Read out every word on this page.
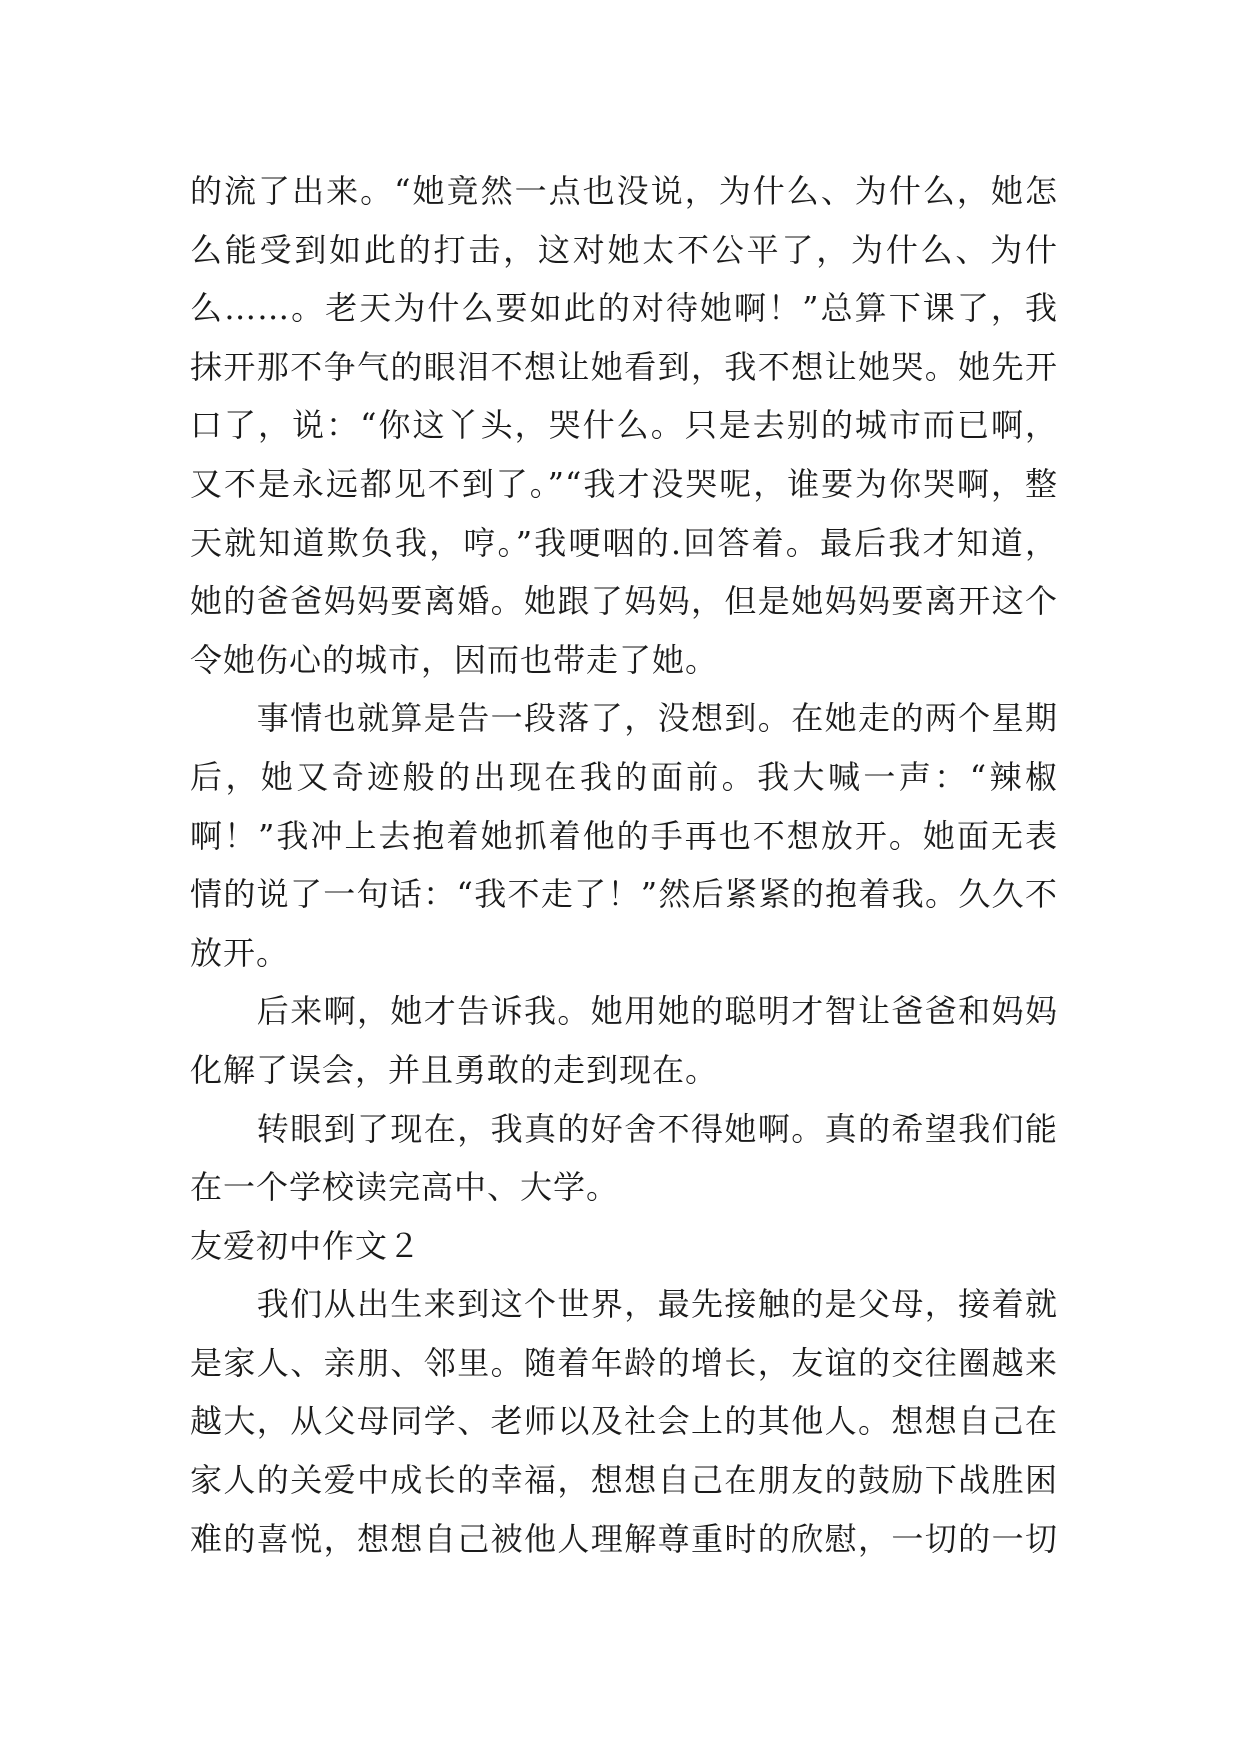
的流了出来。“她竟然一点也没说，为什么、为什么，她怎
么能受到如此的打击，这对她太不公平了，为什么、为什
么……。老天为什么要如此的对待她啊！”总算下课了，我
抹开那不争气的眼泪不想让她看到，我不想让她哭。她先开
口了，说：“你这丫头，哭什么。只是去别的城市而已啊，
又不是永远都见不到了。”“我才没哭呢，谁要为你哭啊，整
天就知道欺负我，哼。”我哽咽的.回答着。最后我才知道，
她的爸爸妈妈要离婚。她跟了妈妈，但是她妈妈要离开这个
令她伤心的城市，因而也带走了她。
　　事情也就算是告一段落了，没想到。在她走的两个星期
后，她又奇迹般的出现在我的面前。我大喊一声：“辣椒
啊！”我冲上去抱着她抓着他的手再也不想放开。她面无表
情的说了一句话：“我不走了！”然后紧紧的抱着我。久久不
放开。
　　后来啊，她才告诉我。她用她的聪明才智让爸爸和妈妈
化解了误会，并且勇敢的走到现在。
　　转眼到了现在，我真的好舍不得她啊。真的希望我们能
在一个学校读完高中、大学。
友爱初中作文２
　　我们从出生来到这个世界，最先接触的是父母，接着就
是家人、亲朋、邻里。随着年龄的增长，友谊的交往圈越来
越大，从父母同学、老师以及社会上的其他人。想想自己在
家人的关爱中成长的幸福，想想自己在朋友的鼓励下战胜困
难的喜悦，想想自己被他人理解尊重时的欣慰，一切的一切
